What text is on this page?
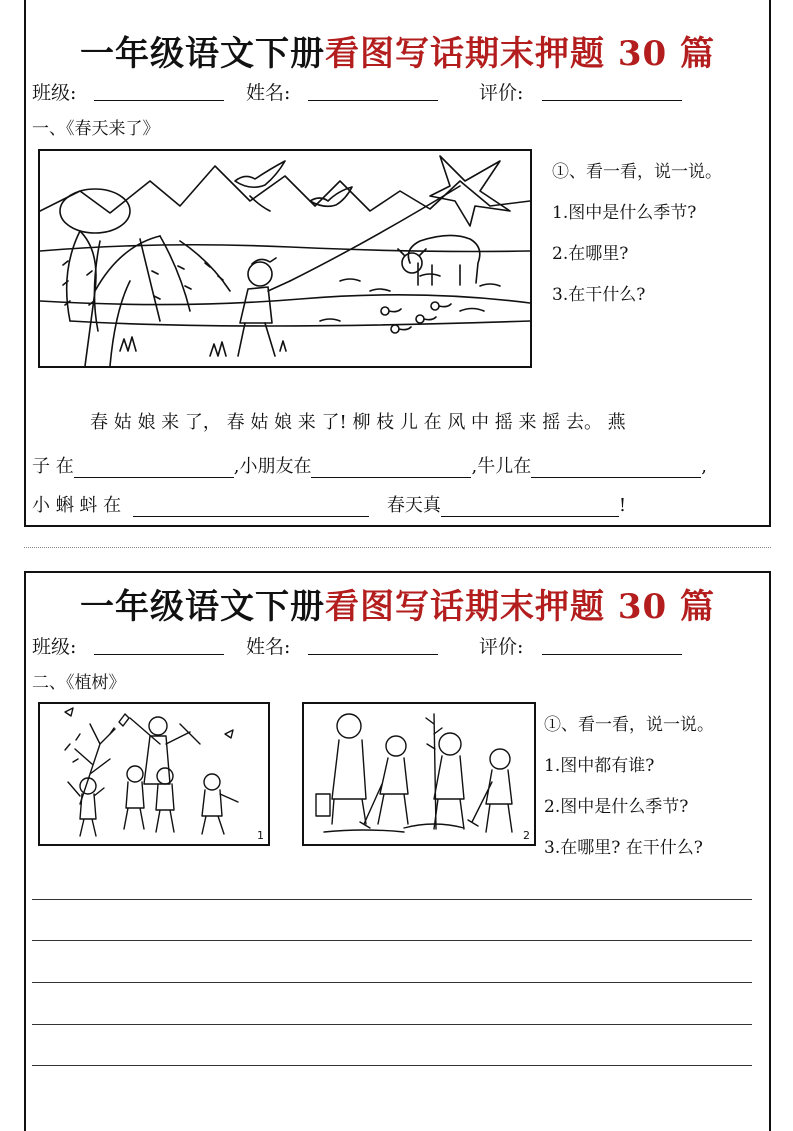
一年级语文下册看图写话期末押题 30 篇
班级:	姓名:	评价:
一、《春天来了》
①、看一看，说一说。
1.图中是什么季节?
2.在哪里?
3.在干什么?
春 姑 娘 来 了， 春 姑 娘 来 了! 柳 枝 儿 在 风 中 摇 来 摇 去。 燕
子 在	,小朋友在	,牛儿在	,
小 蝌 蚪 在	春天真	!
一年级语文下册看图写话期末押题 30 篇
班级:	姓名:	评价:
二、《植树》
1	2
①、看一看，说一说。
1.图中都有谁?
2.图中是什么季节?
3.在哪里? 在干什么?
